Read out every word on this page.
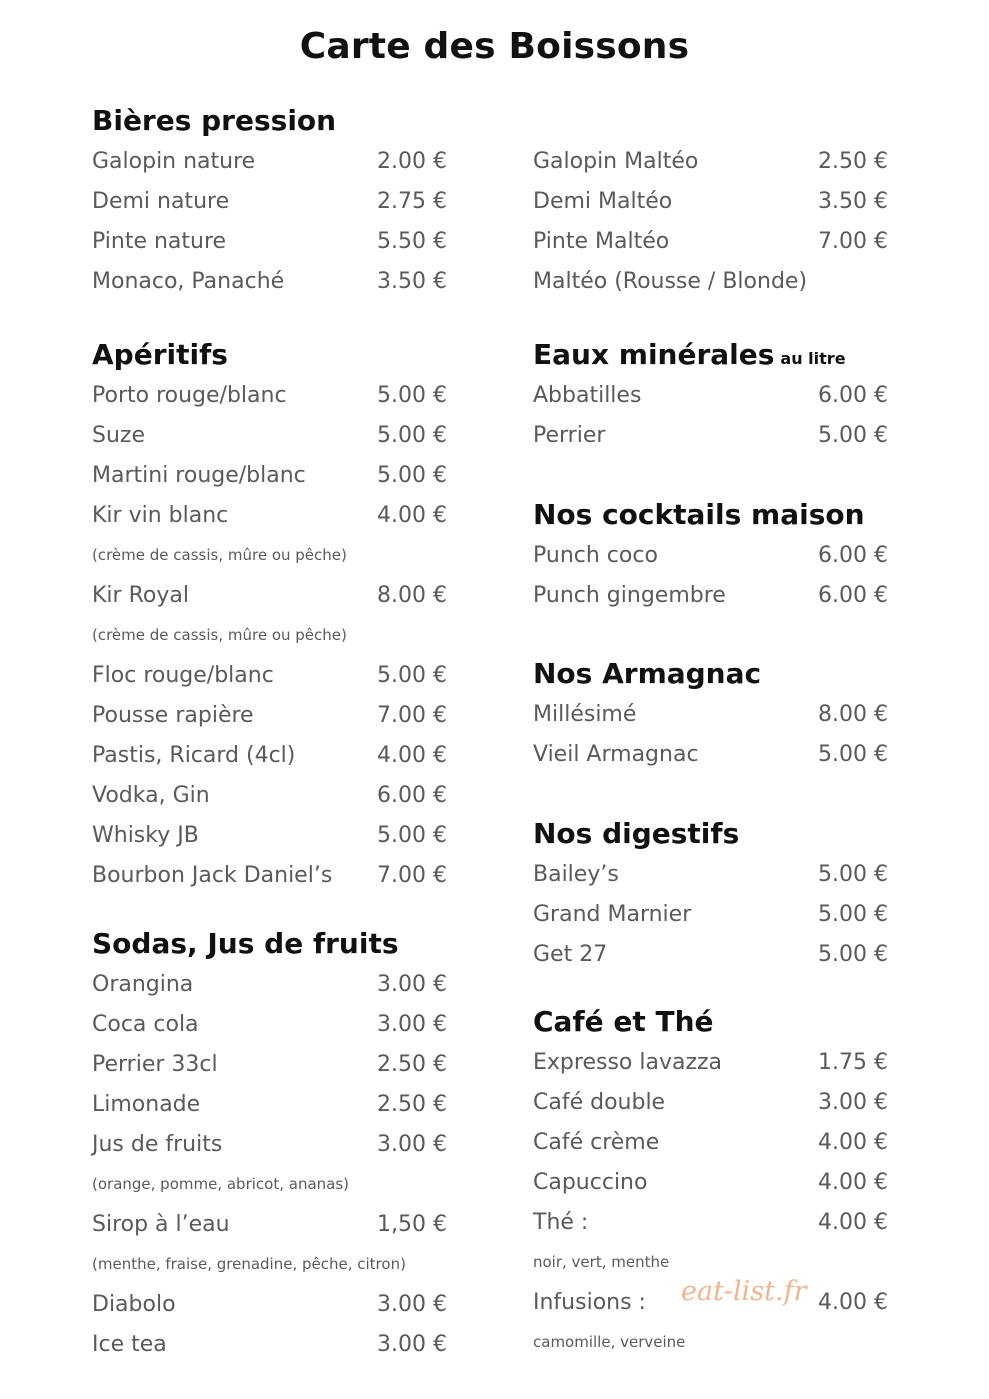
Carte des Boissons
Bières pression
Galopin nature	2.00 €
Demi nature	2.75 €
Pinte nature	5.50 €
Monaco, Panaché	3.50 €
Apéritifs
Porto rouge/blanc	5.00 €
Suze	5.00 €
Martini rouge/blanc	5.00 €
Kir vin blanc	4.00 €
(crème de cassis, mûre ou pêche)
Kir Royal	8.00 €
(crème de cassis, mûre ou pêche)
Floc rouge/blanc	5.00 €
Pousse rapière	7.00 €
Pastis, Ricard (4cl)	4.00 €
Vodka, Gin	6.00 €
Whisky JB	5.00 €
Bourbon Jack Daniel’s 7.00 €
Sodas, Jus de fruits
Orangina	3.00 €
Coca cola	3.00 €
Perrier 33cl	2.50 €
Limonade	2.50 €
Jus de fruits	3.00 €
(orange, pomme, abricot, ananas)
Sirop à l’eau	1,50 €
(menthe, fraise, grenadine, pêche, citron)
Diabolo	3.00 €
Ice tea	3.00 €
Galopin Maltéo	2.50 €
Demi Maltéo	3.50 €
Pinte Maltéo	7.00 €
Maltéo (Rousse / Blonde)
Eaux minérales au litre
Abbatilles	6.00 €
Perrier	5.00 €
Nos cocktails maison
Punch coco	6.00 €
Punch gingembre	6.00 €
Nos Armagnac
Millésimé	8.00 €
Vieil Armagnac	5.00 €
Nos digestifs
Bailey’s	5.00 €
Grand Marnier	5.00 €
Get 27	5.00 €
Café et Thé
Expresso lavazza	1.75 €
Café double	3.00 €
Café crème	4.00 €
Capuccino	4.00 €
Thé :	4.00 €
noir, vert, menthe
Infusions :	4.00 €
camomille, verveine
eat-list.fr
